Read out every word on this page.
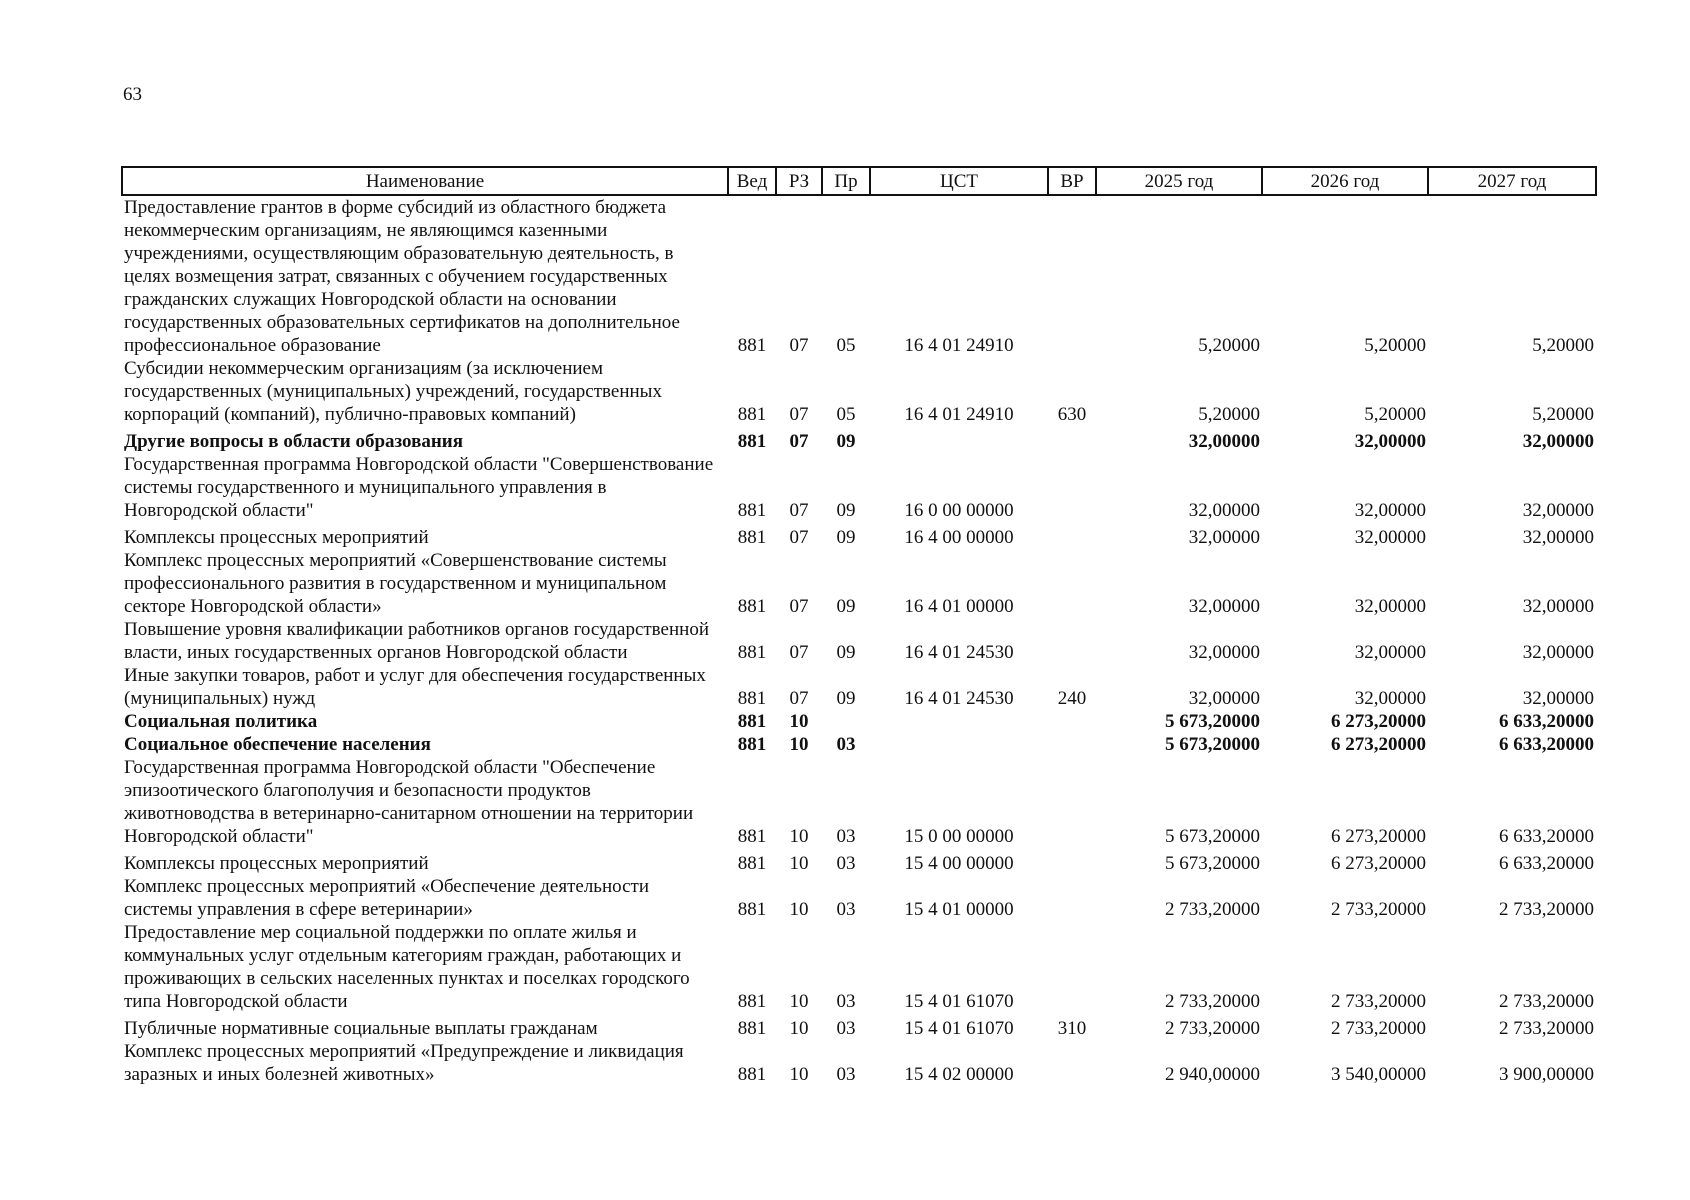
63
Наименование	Вед	РЗ	Пр	ЦСТ	ВР	2025 год	2026 год	2027 год
Предоставление грантов в форме субсидий из областного бюджета некоммерческим организациям, не являющимся казенными учреждениями, осуществляющим образовательную деятельность, в целях возмещения затрат, связанных с обучением государственных гражданских служащих Новгородской области на основании государственных образовательных сертификатов на дополнительное профессиональное образование	881	07	05	16 4 01 24910		5,20000	5,20000	5,20000
Субсидии некоммерческим организациям (за исключением государственных (муниципальных) учреждений, государственных корпораций (компаний), публично-правовых компаний)	881	07	05	16 4 01 24910	630	5,20000	5,20000	5,20000
Другие вопросы в области образования	881	07	09			32,00000	32,00000	32,00000
Государственная программа Новгородской области "Совершенствование системы государственного и муниципального управления в Новгородской области"	881	07	09	16 0 00 00000		32,00000	32,00000	32,00000
Комплексы процессных мероприятий	881	07	09	16 4 00 00000		32,00000	32,00000	32,00000
Комплекс процессных мероприятий «Совершенствование системы профессионального развития в государственном и муниципальном секторе Новгородской области»	881	07	09	16 4 01 00000		32,00000	32,00000	32,00000
Повышение уровня квалификации работников органов государственной власти, иных государственных органов Новгородской области	881	07	09	16 4 01 24530		32,00000	32,00000	32,00000
Иные закупки товаров, работ и услуг для обеспечения государственных (муниципальных) нужд	881	07	09	16 4 01 24530	240	32,00000	32,00000	32,00000
Социальная политика	881	10				5 673,20000	6 273,20000	6 633,20000
Социальное обеспечение населения	881	10	03			5 673,20000	6 273,20000	6 633,20000
Государственная программа Новгородской области "Обеспечение эпизоотического благополучия и безопасности продуктов животноводства в ветеринарно-санитарном отношении на территории Новгородской области"	881	10	03	15 0 00 00000		5 673,20000	6 273,20000	6 633,20000
Комплексы процессных мероприятий	881	10	03	15 4 00 00000		5 673,20000	6 273,20000	6 633,20000
Комплекс процессных мероприятий «Обеспечение деятельности системы управления в сфере ветеринарии»	881	10	03	15 4 01 00000		2 733,20000	2 733,20000	2 733,20000
Предоставление мер социальной поддержки по оплате жилья и коммунальных услуг отдельным категориям граждан, работающих и проживающих в сельских населенных пунктах и поселках городского типа Новгородской области	881	10	03	15 4 01 61070		2 733,20000	2 733,20000	2 733,20000
Публичные нормативные социальные выплаты гражданам	881	10	03	15 4 01 61070	310	2 733,20000	2 733,20000	2 733,20000
Комплекс процессных мероприятий «Предупреждение и ликвидация заразных и иных болезней животных»	881	10	03	15 4 02 00000		2 940,00000	3 540,00000	3 900,00000
